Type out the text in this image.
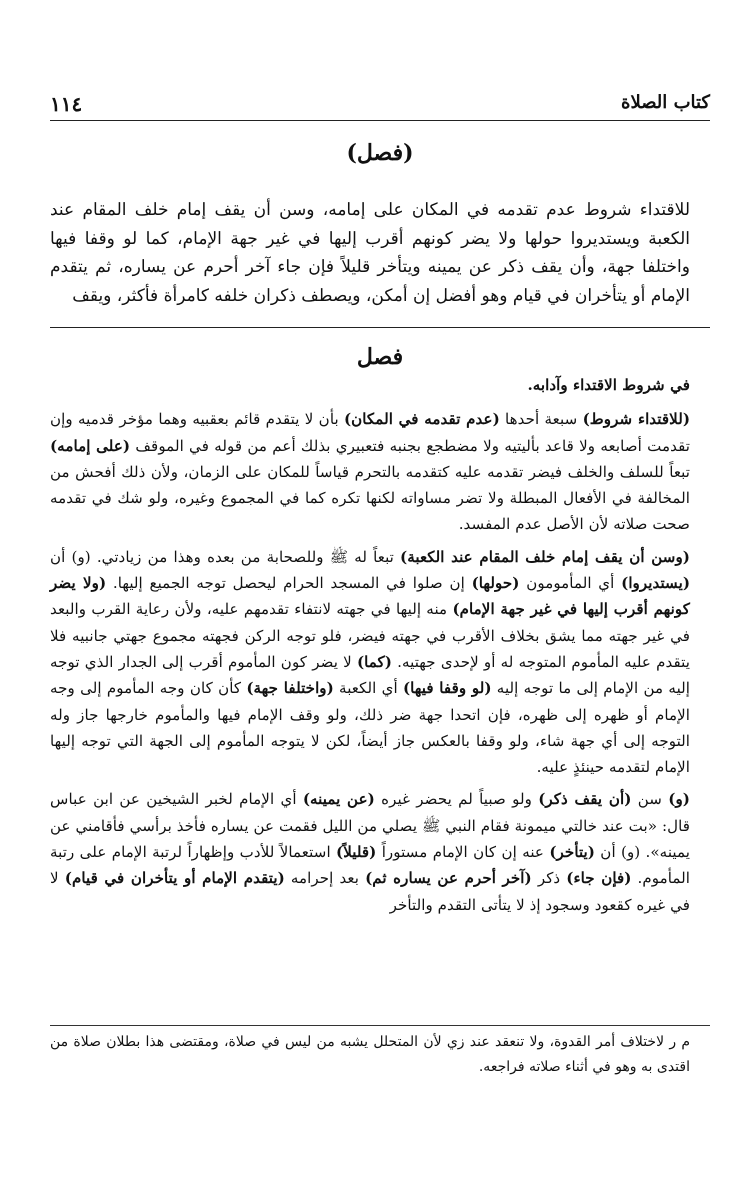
١١٤	كتاب الصلاة
(فصل)

للاقتداء شروط عدم تقدمه في المكان على إمامه، وسن أن يقف إمام خلف المقام عند الكعبة ويستديروا حولها ولا يضر كونهم أقرب إليها في غير جهة الإمام، كما لو وقفا فيها واختلفا جهة، وأن يقف ذكر عن يمينه ويتأخر قليلاً فإن جاء آخر أحرم عن يساره، ثم يتقدم الإمام أو يتأخران في قيام وهو أفضل إن أمكن، ويصطف ذكران خلفه كامرأة فأكثر، ويقف

فصل

في شروط الاقتداء وآدابه.

(للاقتداء شروط) سبعة أحدها (عدم تقدمه في المكان) بأن لا يتقدم قائم بعقبيه وهما مؤخر قدميه وإن تقدمت أصابعه ولا قاعد بأليتيه ولا مضطجع بجنبه فتعبيري بذلك أعم من قوله في الموقف (على إمامه) تبعاً للسلف والخلف فيضر تقدمه عليه كتقدمه بالتحرم قياساً للمكان على الزمان، ولأن ذلك أفحش من المخالفة في الأفعال المبطلة ولا تضر مساواته لكنها تكره كما في المجموع وغيره، ولو شك في تقدمه صحت صلاته لأن الأصل عدم المفسد.

(وسن أن يقف إمام خلف المقام عند الكعبة) تبعاً له ﷺ وللصحابة من بعده وهذا من زيادتي. (و) أن (يستديروا) أي المأمومون (حولها) إن صلوا في المسجد الحرام ليحصل توجه الجميع إليها. (ولا يضر كونهم أقرب إليها في غير جهة الإمام) منه إليها في جهته لانتفاء تقدمهم عليه، ولأن رعاية القرب والبعد في غير جهته مما يشق بخلاف الأقرب في جهته فيضر، فلو توجه الركن فجهته مجموع جهتي جانبيه فلا يتقدم عليه المأموم المتوجه له أو لإحدى جهتيه. (كما) لا يضر كون المأموم أقرب إلى الجدار الذي توجه إليه من الإمام إلى ما توجه إليه (لو وقفا فيها) أي الكعبة (واختلفا جهة) كأن كان وجه المأموم إلى وجه الإمام أو ظهره إلى ظهره، فإن اتحدا جهة ضر ذلك، ولو وقف الإمام فيها والمأموم خارجها جاز وله التوجه إلى أي جهة شاء، ولو وقفا بالعكس جاز أيضاً، لكن لا يتوجه المأموم إلى الجهة التي توجه إليها الإمام لتقدمه حينئذٍ عليه.

(و) سن (أن يقف ذكر) ولو صبياً لم يحضر غيره (عن يمينه) أي الإمام لخبر الشيخين عن ابن عباس قال: «بت عند خالتي ميمونة فقام النبي ﷺ يصلي من الليل فقمت عن يساره فأخذ برأسي فأقامني عن يمينه». (و) أن (يتأخر) عنه إن كان الإمام مستوراً (قليلاً) استعمالاً للأدب وإظهاراً لرتبة الإمام على رتبة المأموم. (فإن جاء) ذكر (آخر أحرم عن يساره ثم) بعد إحرامه (يتقدم الإمام أو يتأخران في قيام) لا في غيره كقعود وسجود إذ لا يتأتى التقدم والتأخر

م ر لاختلاف أمر القدوة، ولا تنعقد عند زي لأن المتحلل يشبه من ليس في صلاة، ومقتضى هذا بطلان صلاة من اقتدى به وهو في أثناء صلاته فراجعه.
